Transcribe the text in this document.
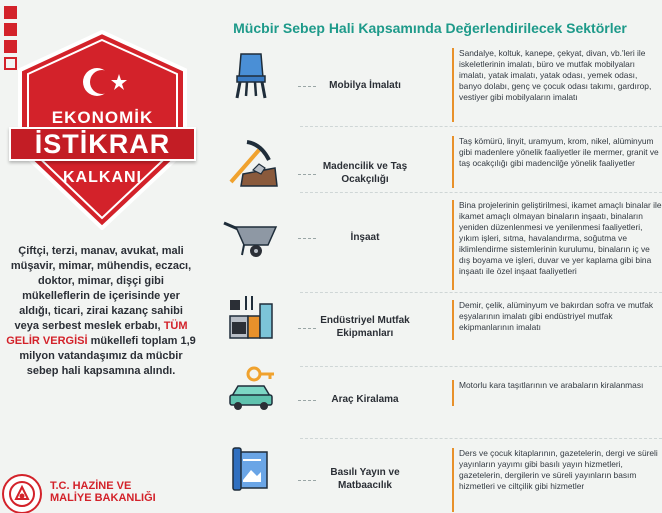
EKONOMİK
İSTİKRAR
KALKANI
Çiftçi, terzi, manav, avukat, mali müşavir, mimar, mühendis, eczacı, doktor, mimar, dişçi gibi mükelleflerin de içerisinde yer aldığı, ticari, zirai kazanç sahibi veya serbest meslek erbabı, TÜM GELİR VERGİSİ mükellefi toplam 1,9 milyon vatandaşımız da mücbir sebep hali kapsamına alındı.
T.C. HAZİNE VE
MALİYE BAKANLIĞI
Mücbir Sebep Hali Kapsamında Değerlendirilecek Sektörler
Mobilya İmalatı
Sandalye, koltuk, kanepe, çekyat, divan, vb.'leri ile iskeletlerinin imalatı, büro ve mutfak mobilyaları imalatı, yatak imalatı, yatak odası, yemek odası, banyo dolabı, genç ve çocuk odası takımı, gardırop, vestiyer gibi mobilyaların imalatı
Madencilik ve Taş Ocakçılığı
Taş kömürü, linyit, uramyum, krom, nikel, alüminyum gibi madenlere yönelik faaliyetler ile mermer, granit ve taş ocakçılığı gibi madencilğe yönelik faaliyetler
İnşaat
Bina projelerinin geliştirilmesi, ikamet amaçlı binalar ile ikamet amaçlı olmayan binaların inşaatı, binaların yeniden düzenlenmesi ve yenilenmesi faaliyetleri, yıkım işleri, sıtma, havalandırma, soğutma ve iklimlendirme sistemlerinin kurulumu, binaların iç ve dış boyama ve işleri, duvar ve yer kaplama gibi bina inşaatı ile özel inşaat faaliyetleri
Endüstriyel Mutfak Ekipmanları
Demir, çelik, alüminyum ve bakırdan sofra ve mutfak eşyalarının imalatı gibi endüstriyel mutfak ekipmanlarının imalatı
Araç Kiralama
Motorlu kara taşıtlarının ve arabaların kiralanması
Basılı Yayın ve Matbaacılık
Ders ve çocuk kitaplarının, gazetelerin, dergi ve süreli yayınların yayımı gibi basılı yayın hizmetleri, gazetelerin, dergilerin ve süreli yayınların basım hizmetleri ve ciltçilik gibi hizmetler
